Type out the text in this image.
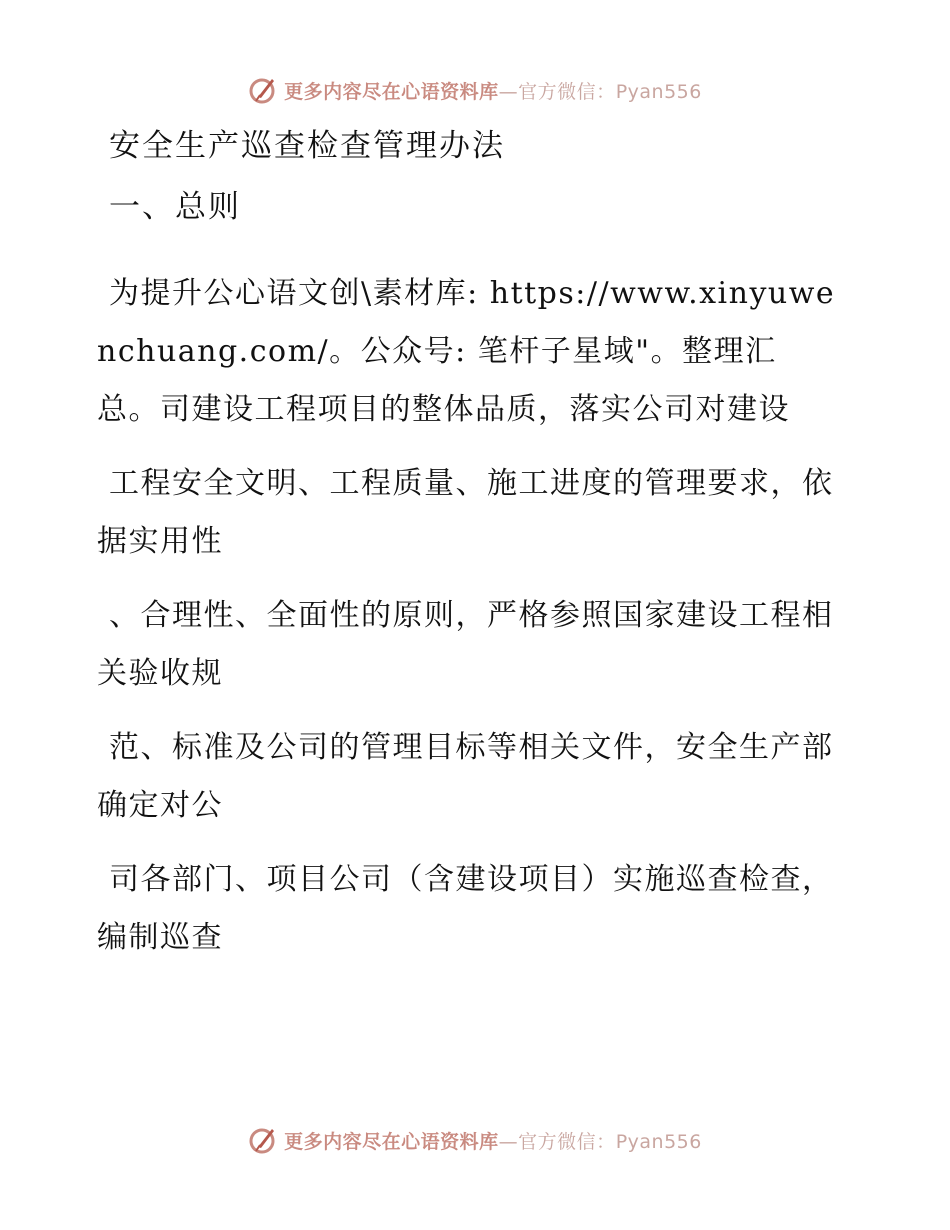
更多内容尽在心语资料库—官方微信：Pyan556
安全生产巡查检查管理办法
一、总则

为提升公心语文创\素材库: https://www.xinyuwenchuang.com/。公众号: 笔杆子星域"。整理汇总。司建设工程项目的整体品质，落实公司对建设

工程安全文明、工程质量、施工进度的管理要求，依据实用性

、合理性、全面性的原则，严格参照国家建设工程相关验收规

范、标准及公司的管理目标等相关文件，安全生产部确定对公

司各部门、项目公司（含建设项目）实施巡查检查，编制巡查

更多内容尽在心语资料库—官方微信：Pyan556
